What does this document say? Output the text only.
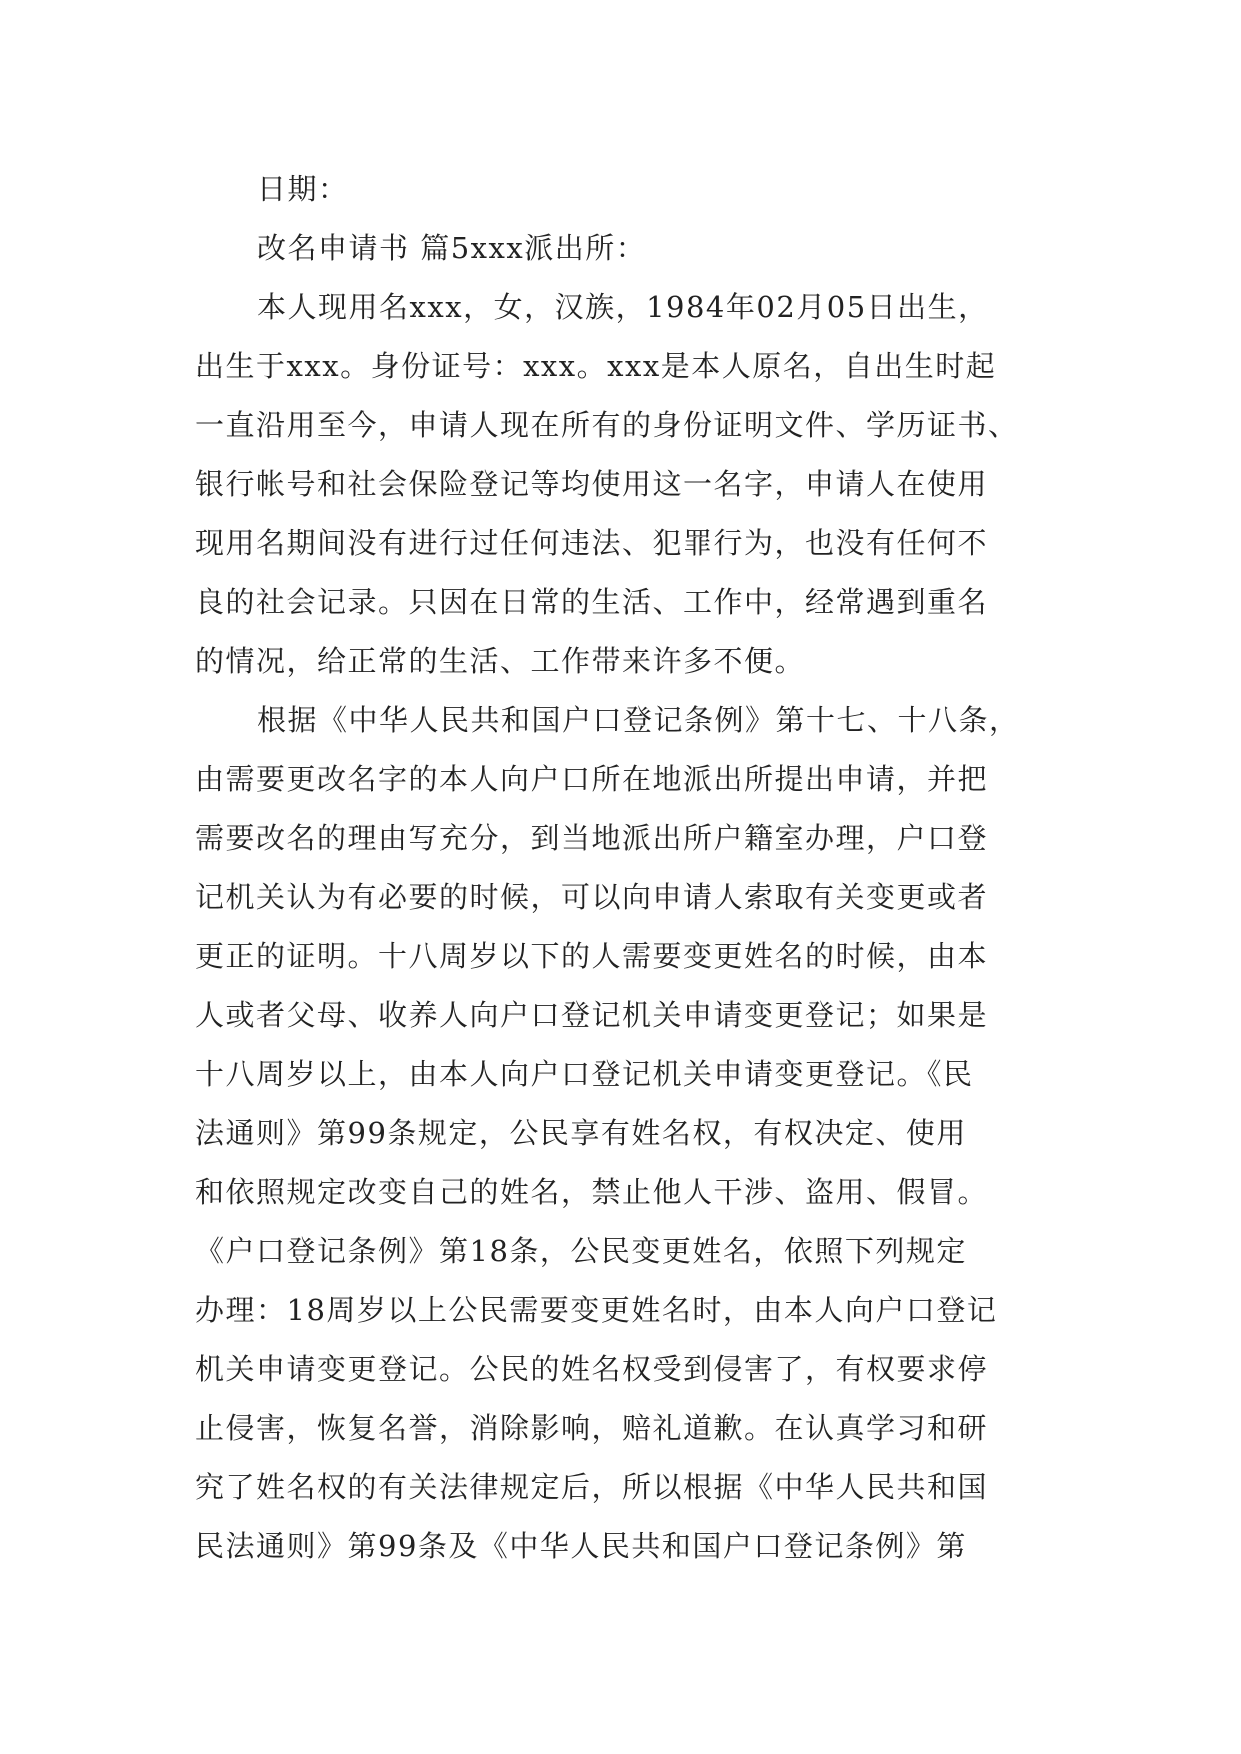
日期：

改名申请书 篇5xxx派出所：

本人现用名xxx，女，汉族，1984年02月05日出生，

出生于xxx。身份证号：xxx。xxx是本人原名，自出生时起

一直沿用至今，申请人现在所有的身份证明文件、学历证书、

银行帐号和社会保险登记等均使用这一名字，申请人在使用

现用名期间没有进行过任何违法、犯罪行为，也没有任何不

良的社会记录。只因在日常的生活、工作中，经常遇到重名

的情况，给正常的生活、工作带来许多不便。

根据《中华人民共和国户口登记条例》第十七、十八条，

由需要更改名字的本人向户口所在地派出所提出申请，并把

需要改名的理由写充分，到当地派出所户籍室办理，户口登

记机关认为有必要的时候，可以向申请人索取有关变更或者

更正的证明。十八周岁以下的人需要变更姓名的时候，由本

人或者父母、收养人向户口登记机关申请变更登记；如果是

十八周岁以上，由本人向户口登记机关申请变更登记。《民

法通则》第99条规定，公民享有姓名权，有权决定、使用

和依照规定改变自己的姓名，禁止他人干涉、盗用、假冒。

《户口登记条例》第18条，公民变更姓名，依照下列规定

办理：18周岁以上公民需要变更姓名时，由本人向户口登记

机关申请变更登记。公民的姓名权受到侵害了，有权要求停

止侵害，恢复名誉，消除影响，赔礼道歉。在认真学习和研

究了姓名权的有关法律规定后，所以根据《中华人民共和国

民法通则》第99条及《中华人民共和国户口登记条例》第
